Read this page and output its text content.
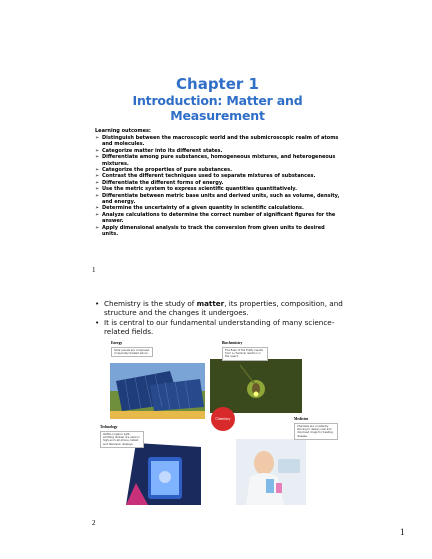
Chapter 1
Introduction: Matter and Measurement

Learning outcomes:

➢ Distinguish between the macroscopic world and the submicroscopic realm of atoms and molecules.
➢ Categorize matter into its different states.
➢ Differentiate among pure substances, homogeneous mixtures, and heterogeneous mixtures.
➢ Categorize the properties of pure substances.
➢ Contrast the different techniques used to separate mixtures of substances.
➢ Differentiate the different forms of energy.
➢ Use the metric system to express scientific quantities quantitatively.
➢ Differentiate between metric base units and derived units, such as volume, density, and energy.
➢ Determine the uncertainty of a given quantity in scientific calculations.
➢ Analyze calculations to determine the correct number of significant figures for the answer.
➢ Apply dimensional analysis to track the conversion from given units to desired units.
1
• Chemistry is the study of matter, its properties, composition, and structure and the changes it undergoes.
• It is central to our fundamental understanding of many science-related fields.
Energy
Solar panels are composed of specially treated silicon.
Biochemistry
The flash of the firefly results from a chemical reaction in the insect.
Technology
OLEDs (organic light-emitting diodes) are used in high-end cell phone, tablet, and television displays.
Medicine
Chemists are constantly striving to design new and improved drugs for treating disease.
Chemistry
2
1
